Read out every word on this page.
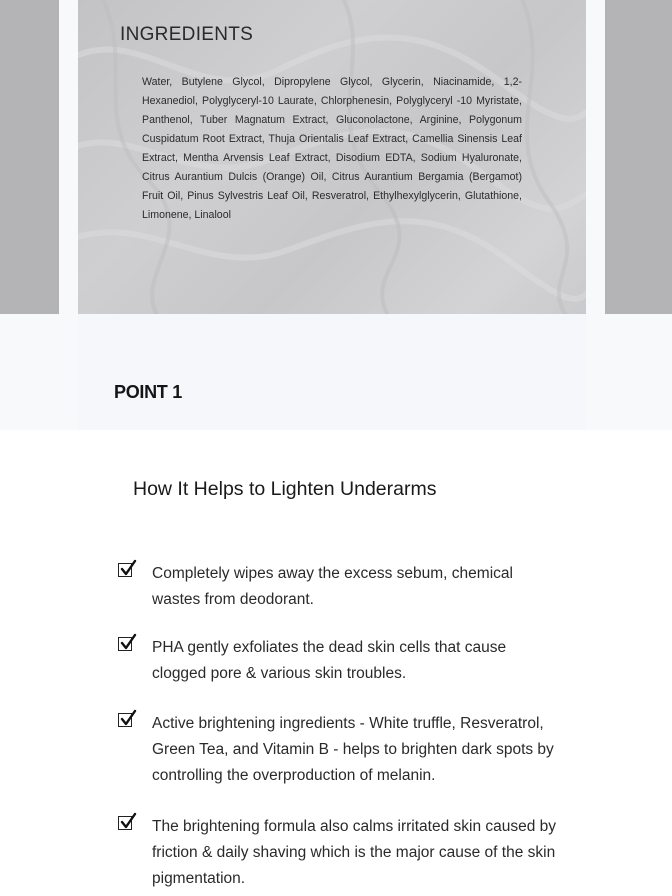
INGREDIENTS
Water, Butylene Glycol, Dipropylene Glycol, Glycerin, Niacinamide, 1,2-Hexanediol, Polyglyceryl-10 Laurate, Chlorphenesin, Polyglyceryl -10 Myristate, Panthenol, Tuber Magnatum Extract, Gluconolactone, Arginine, Polygonum Cuspidatum Root Extract, Thuja Orientalis Leaf Extract, Camellia Sinensis Leaf Extract, Mentha Arvensis Leaf Extract, Disodium EDTA, Sodium Hyaluronate, Citrus Aurantium Dulcis (Orange) Oil, Citrus Aurantium Bergamia (Bergamot) Fruit Oil, Pinus Sylvestris Leaf Oil, Resveratrol, Ethylhexylglycerin, Glutathione, Limonene, Linalool
POINT 1
How It Helps to Lighten Underarms
Completely wipes away the excess sebum, chemical wastes from deodorant.
PHA gently exfoliates the dead skin cells that cause clogged pore & various skin troubles.
Active brightening ingredients - White truffle, Resveratrol, Green Tea, and Vitamin B - helps to brighten dark spots by controlling the overproduction of melanin.
The brightening formula also calms irritated skin caused by friction & daily shaving which is the major cause of the skin pigmentation.
